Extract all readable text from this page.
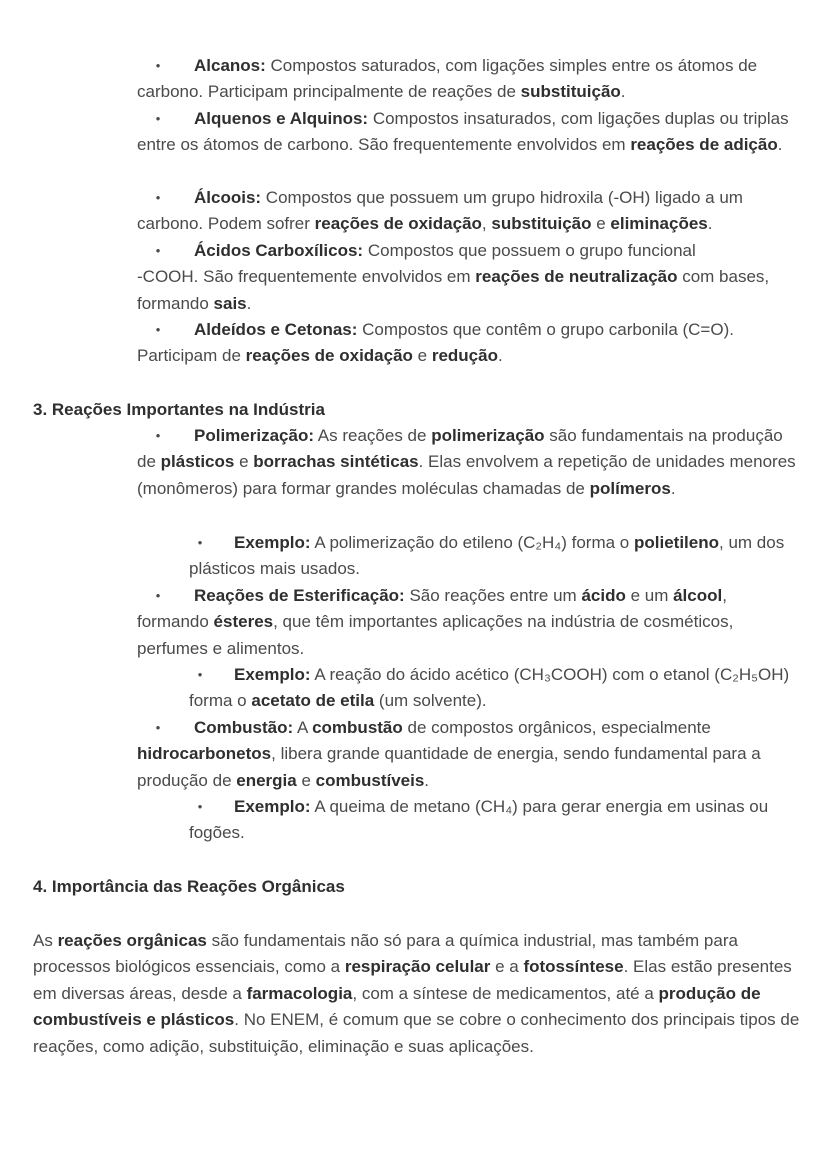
•	Alcanos: Compostos saturados, com ligações simples entre os átomos de carbono. Participam principalmente de reações de substituição.

•	Alquenos e Alquinos: Compostos insaturados, com ligações duplas ou triplas entre os átomos de carbono. São frequentemente envolvidos em reações de adição.

•	Álcoois: Compostos que possuem um grupo hidroxila (-OH) ligado a um carbono. Podem sofrer reações de oxidação, substituição e eliminações.

•	Ácidos Carboxílicos: Compostos que possuem o grupo funcional
-COOH. São frequentemente envolvidos em reações de neutralização com bases, formando sais.

•	Aldeídos e Cetonas: Compostos que contêm o grupo carbonila (C=O). Participam de reações de oxidação e redução.

3. Reações Importantes na Indústria
•	Polimerização: As reações de polimerização são fundamentais na produção de plásticos e borrachas sintéticas. Elas envolvem a repetição de unidades menores (monômeros) para formar grandes moléculas chamadas de polímeros.

•	Exemplo: A polimerização do etileno (C₂H₄) forma o polietileno, um dos plásticos mais usados.

•	Reações de Esterificação: São reações entre um ácido e um álcool, formando ésteres, que têm importantes aplicações na indústria de cosméticos, perfumes e alimentos.

•	Exemplo: A reação do ácido acético (CH₃COOH) com o etanol (C₂H₅OH) forma o acetato de etila (um solvente).

•	Combustão: A combustão de compostos orgânicos, especialmente hidrocarbonetos, libera grande quantidade de energia, sendo fundamental para a produção de energia e combustíveis.

•	Exemplo: A queima de metano (CH₄) para gerar energia em usinas ou fogões.

4. Importância das Reações Orgânicas

As reações orgânicas são fundamentais não só para a química industrial, mas também para processos biológicos essenciais, como a respiração celular e a fotossíntese. Elas estão presentes em diversas áreas, desde a farmacologia, com a síntese de medicamentos, até a produção de combustíveis e plásticos. No ENEM, é comum que se cobre o conhecimento dos principais tipos de reações, como adição, substituição, eliminação e suas aplicações.
